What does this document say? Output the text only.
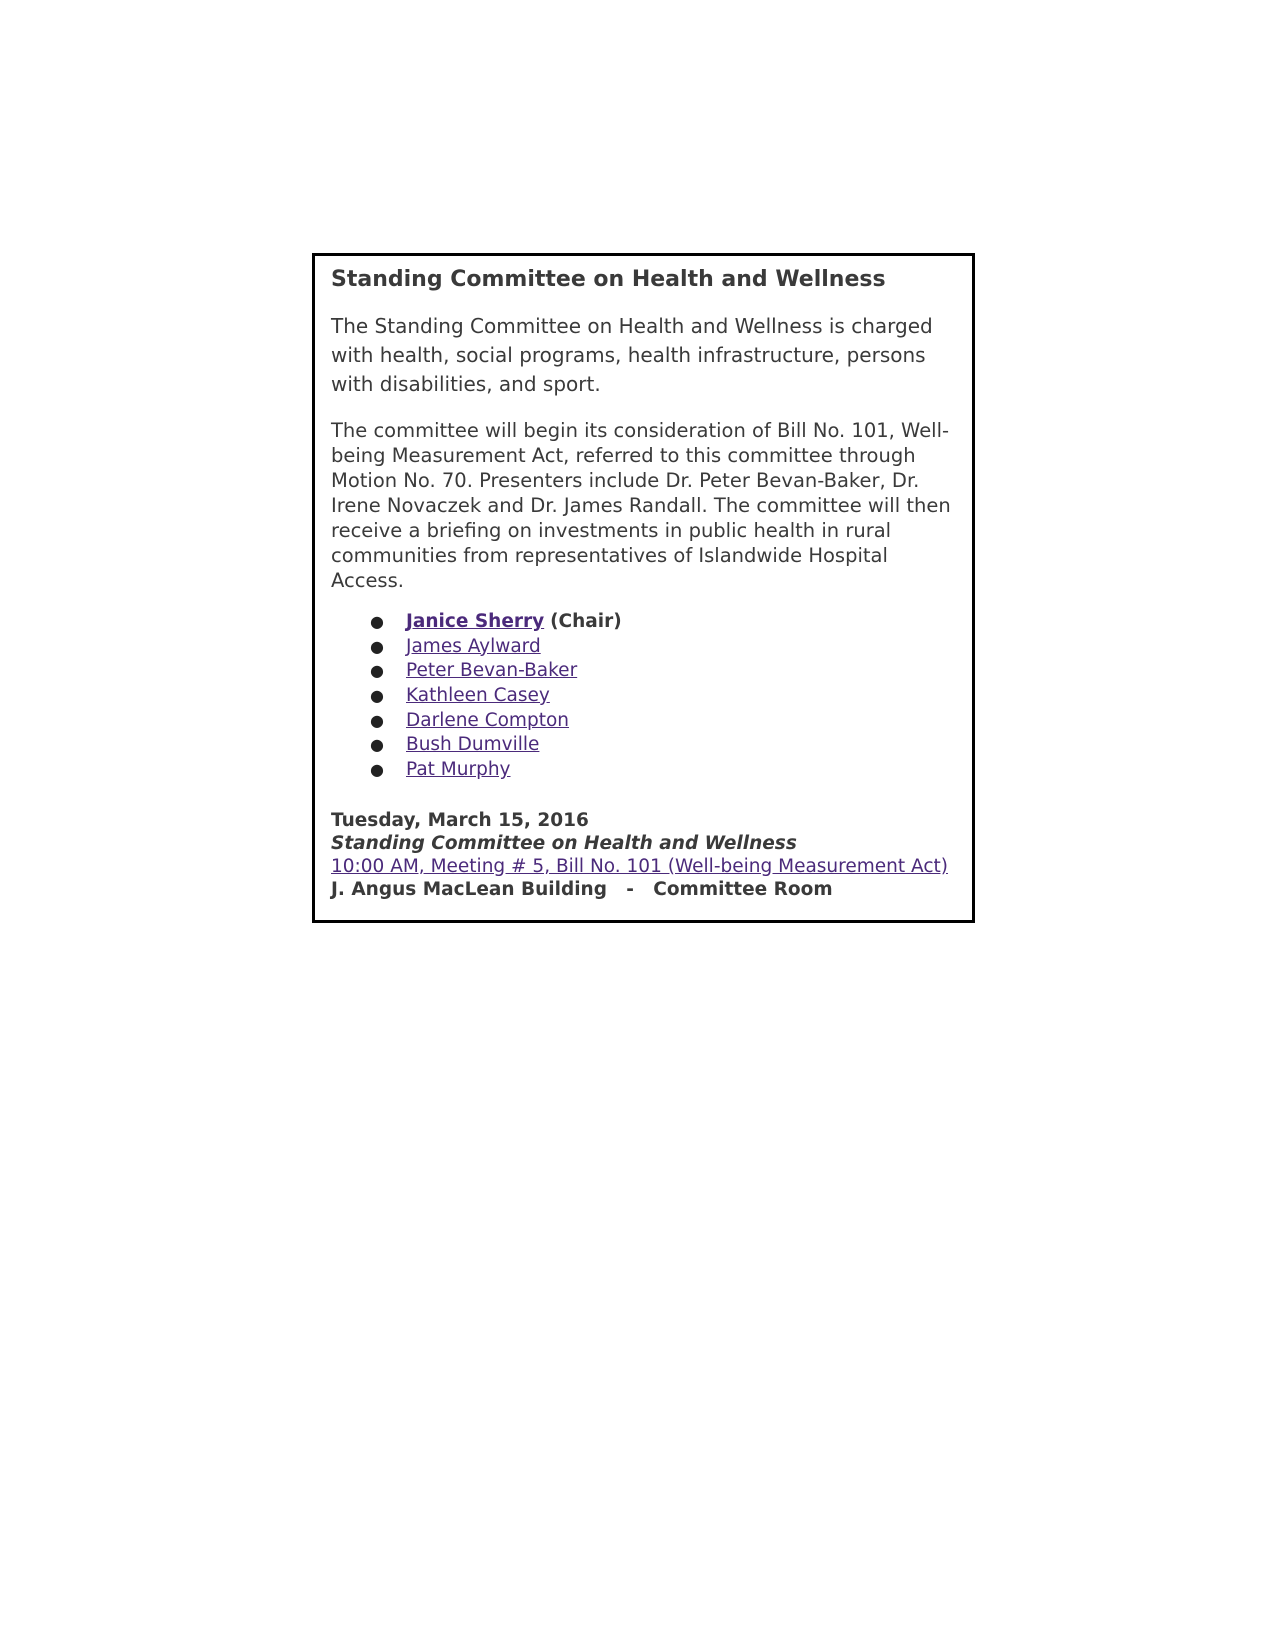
Standing Committee on Health and Wellness

The Standing Committee on Health and Wellness is charged with health, social programs, health infrastructure, persons with disabilities, and sport.

The committee will begin its consideration of Bill No. 101, Well-being Measurement Act, referred to this committee through Motion No. 70. Presenters include Dr. Peter Bevan-Baker, Dr. Irene Novaczek and Dr. James Randall. The committee will then receive a briefing on investments in public health in rural communities from representatives of Islandwide Hospital Access.

● Janice Sherry (Chair)
● James Aylward
● Peter Bevan-Baker
● Kathleen Casey
● Darlene Compton
● Bush Dumville
● Pat Murphy
Tuesday, March 15, 2016
Standing Committee on Health and Wellness
10:00 AM, Meeting # 5, Bill No. 101 (Well-being Measurement Act)
J. Angus MacLean Building   -   Committee Room
